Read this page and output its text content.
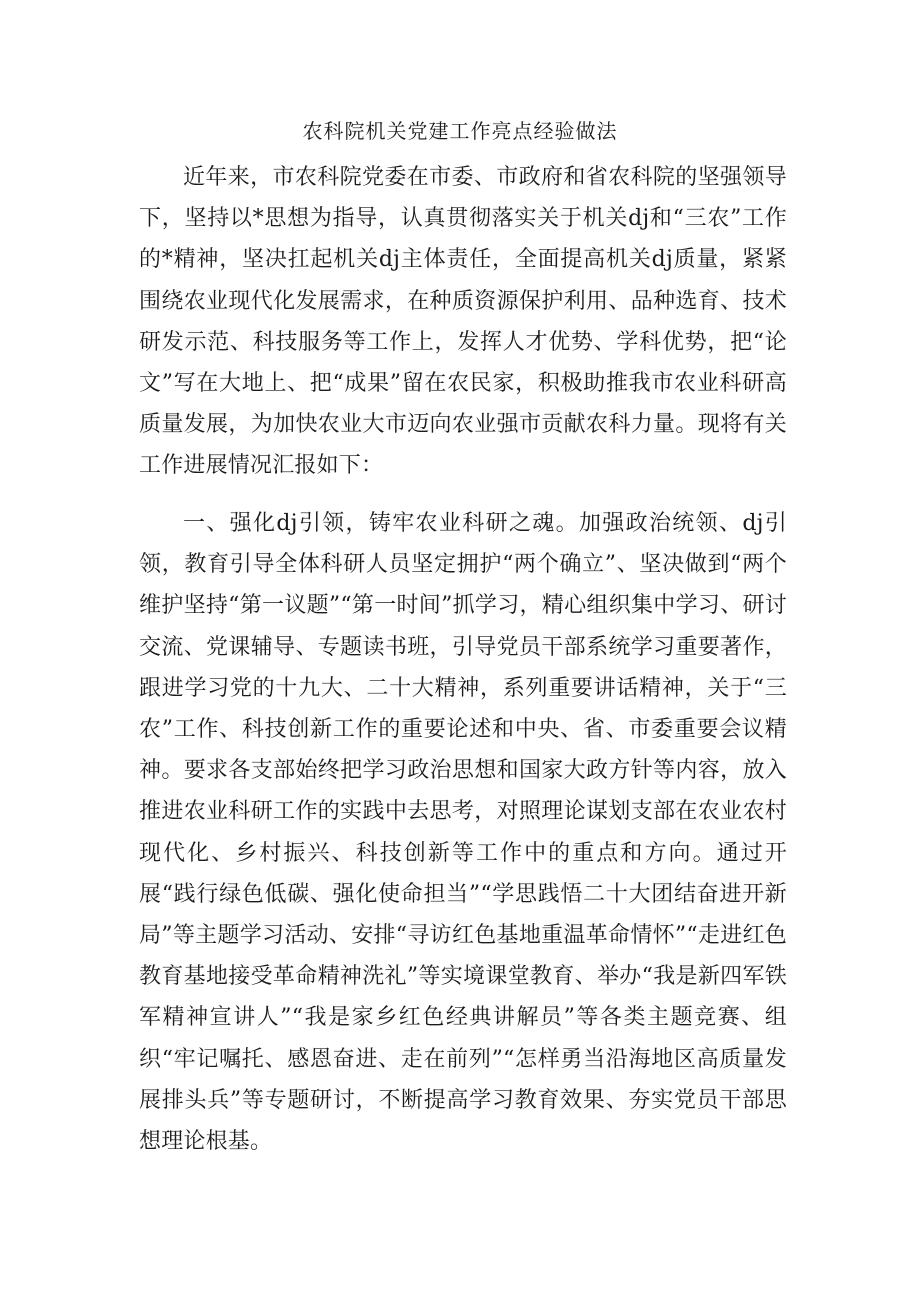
农科院机关党建工作亮点经验做法

近年来，市农科院党委在市委、市政府和省农科院的坚强领导下，坚持以*思想为指导，认真贯彻落实关于机关dj和“三农”工作的*精神，坚决扛起机关dj主体责任，全面提高机关dj质量，紧紧围绕农业现代化发展需求，在种质资源保护利用、品种选育、技术研发示范、科技服务等工作上，发挥人才优势、学科优势，把“论文”写在大地上、把“成果”留在农民家，积极助推我市农业科研高质量发展，为加快农业大市迈向农业强市贡献农科力量。现将有关工作进展情况汇报如下：

一、强化dj引领，铸牢农业科研之魂。加强政治统领、dj引领，教育引导全体科研人员坚定拥护“两个确立”、坚决做到“两个维护坚持“第一议题”“第一时间”抓学习，精心组织集中学习、研讨交流、党课辅导、专题读书班，引导党员干部系统学习重要著作，跟进学习党的十九大、二十大精神，系列重要讲话精神，关于“三农”工作、科技创新工作的重要论述和中央、省、市委重要会议精神。要求各支部始终把学习政治思想和国家大政方针等内容，放入推进农业科研工作的实践中去思考，对照理论谋划支部在农业农村现代化、乡村振兴、科技创新等工作中的重点和方向。通过开展“践行绿色低碳、强化使命担当”“学思践悟二十大团结奋进开新局”等主题学习活动、安排“寻访红色基地重温革命情怀”“走进红色教育基地接受革命精神洗礼”等实境课堂教育、举办“我是新四军铁军精神宣讲人”“我是家乡红色经典讲解员”等各类主题竞赛、组织“牢记嘱托、感恩奋进、走在前列”“怎样勇当沿海地区高质量发展排头兵”等专题研讨，不断提高学习教育效果、夯实党员干部思想理论根基。
